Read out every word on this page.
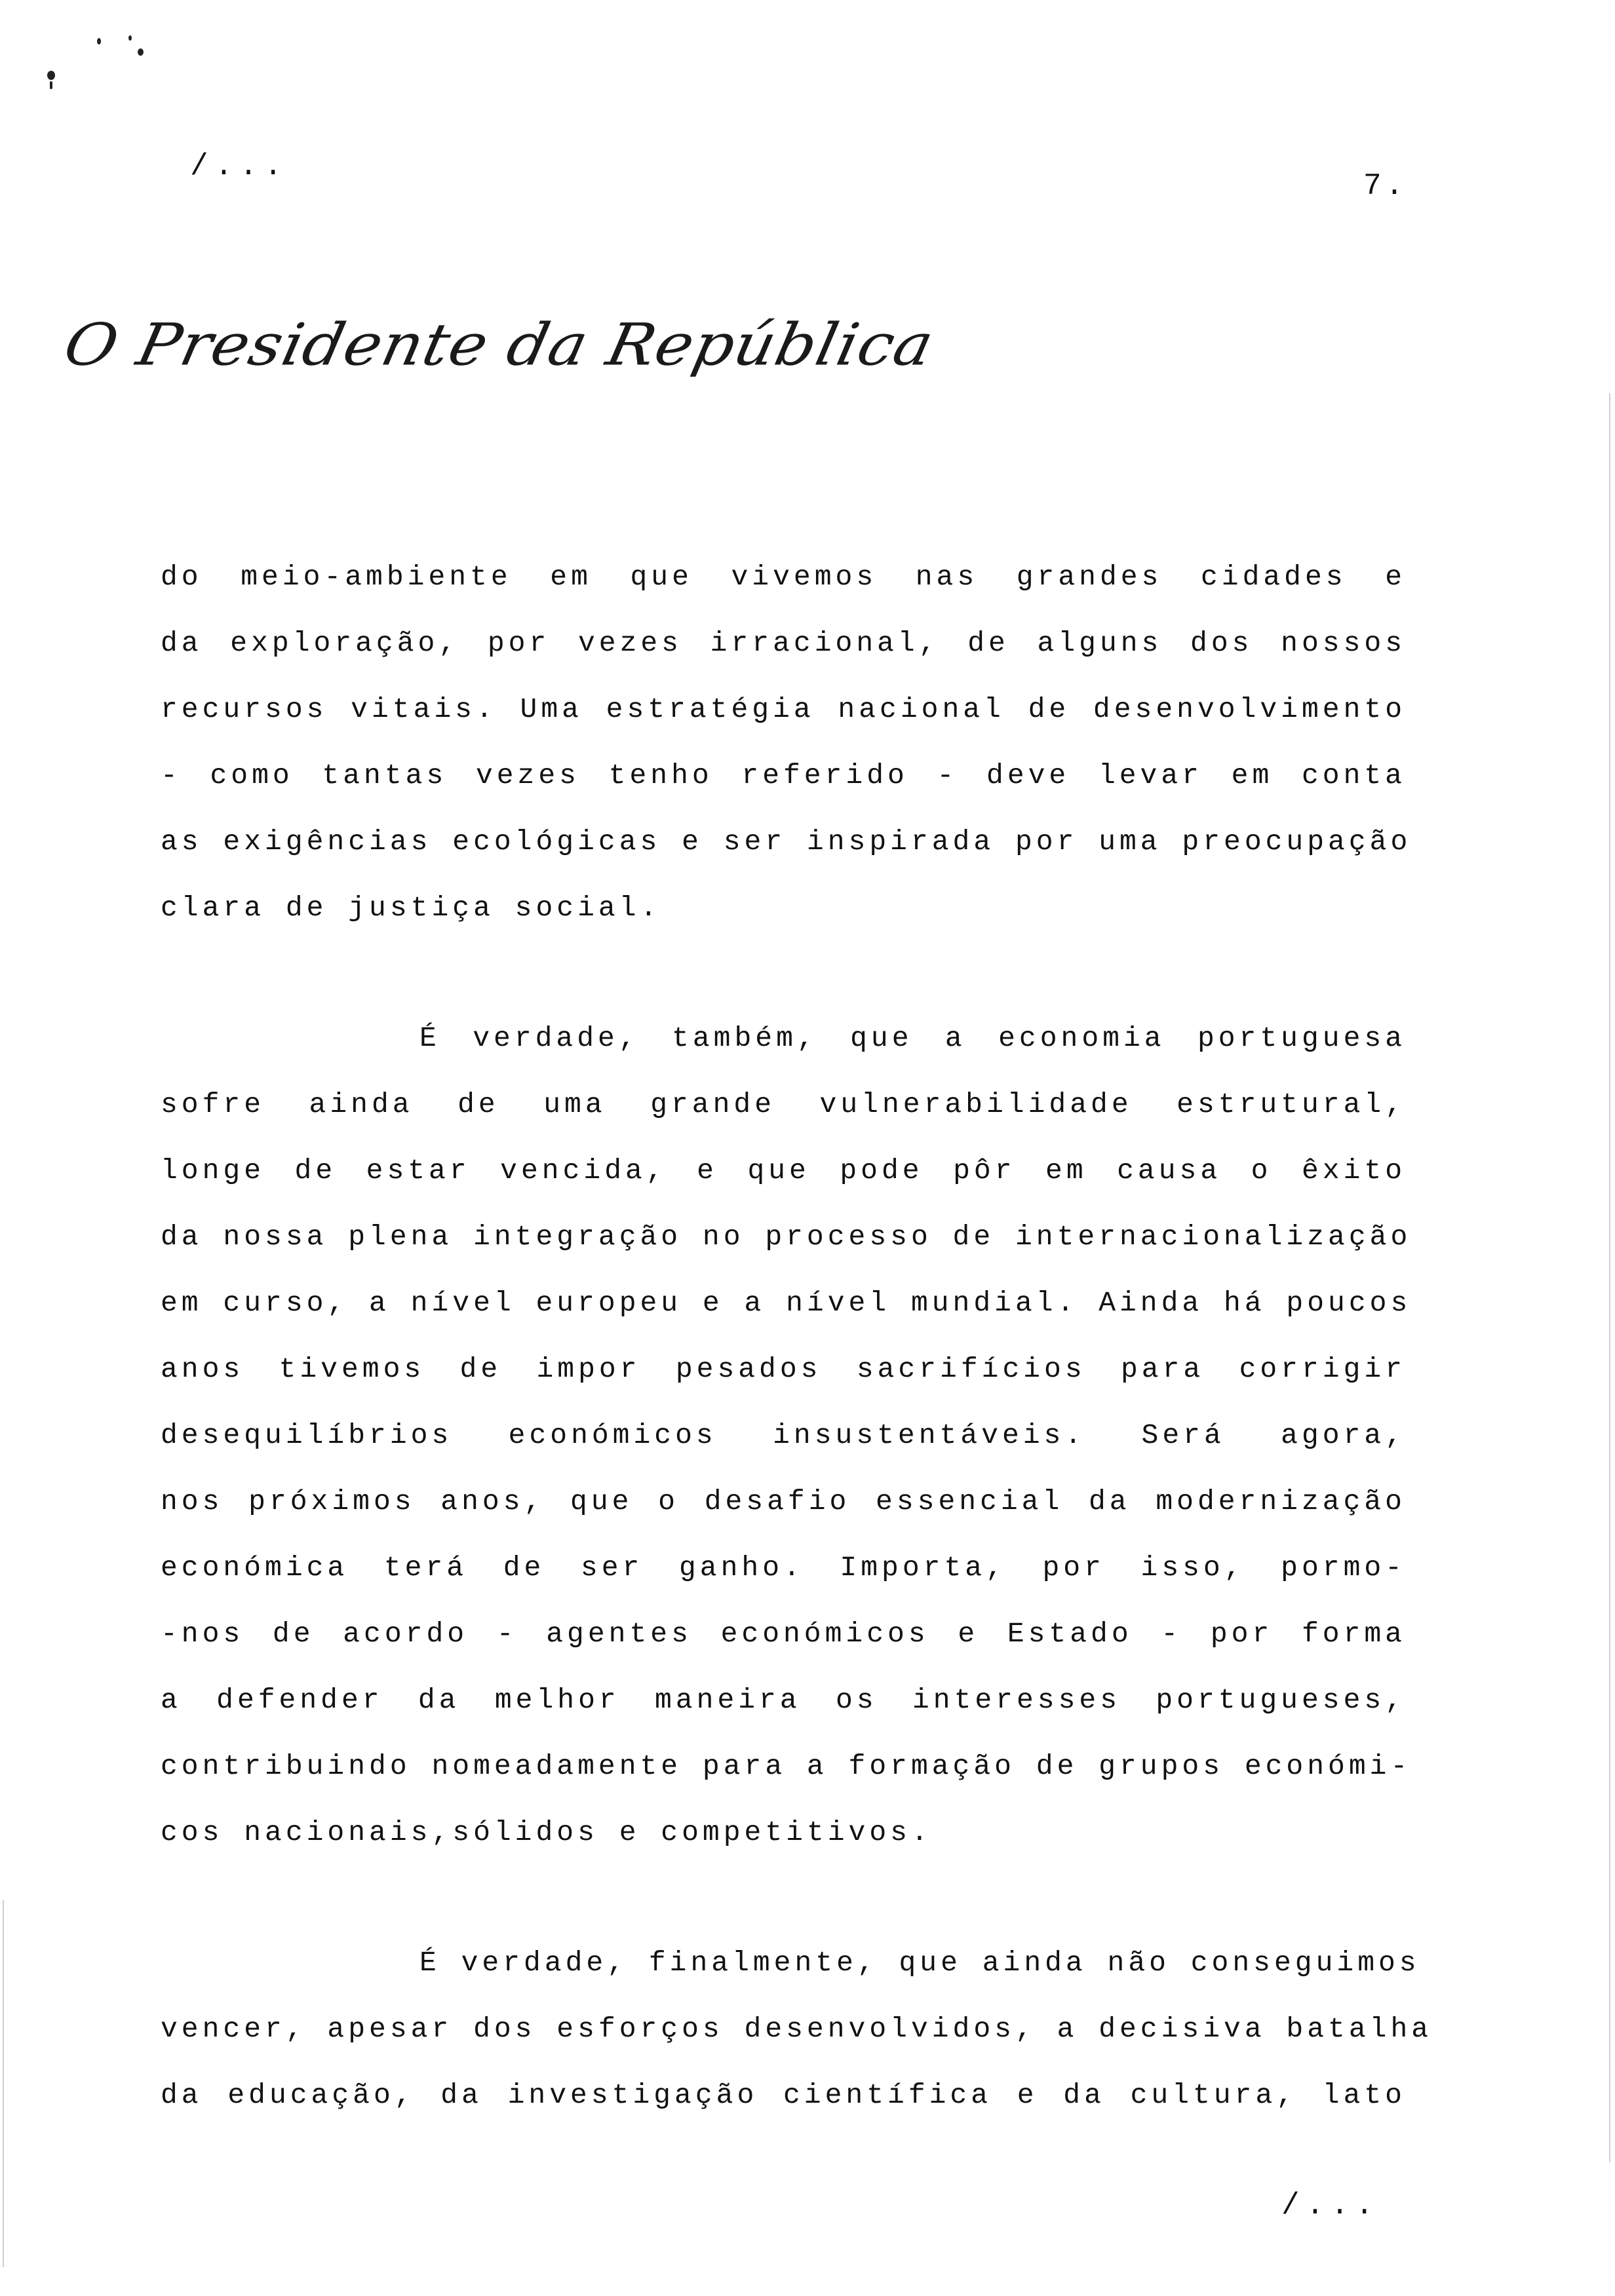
/...
7.
O Presidente da República
do meio-ambiente em que vivemos nas grandes cidades e
da exploração, por vezes irracional, de alguns dos nossos
recursos vitais. Uma estratégia nacional de desenvolvimento
- como tantas vezes tenho referido - deve levar em conta
as exigências ecológicas e ser inspirada por uma preocupação
clara de justiça social.
É verdade, também, que a economia portuguesa
sofre ainda de uma grande vulnerabilidade estrutural,
longe de estar vencida, e que pode pôr em causa o êxito
da nossa plena integração no processo de internacionalização
em curso, a nível europeu e a nível mundial. Ainda há poucos
anos tivemos de impor pesados sacrifícios para corrigir
desequilíbrios económicos insustentáveis. Será agora,
nos próximos anos, que o desafio essencial da modernização
económica terá de ser ganho. Importa, por isso, pormo-
-nos de acordo - agentes económicos e Estado - por forma
a defender da melhor maneira os interesses portugueses,
contribuindo nomeadamente para a formação de grupos económi-
cos nacionais,sólidos e competitivos.
É verdade, finalmente, que ainda não conseguimos
vencer, apesar dos esforços desenvolvidos, a decisiva batalha
da educação, da investigação científica e da cultura, lato
/...
